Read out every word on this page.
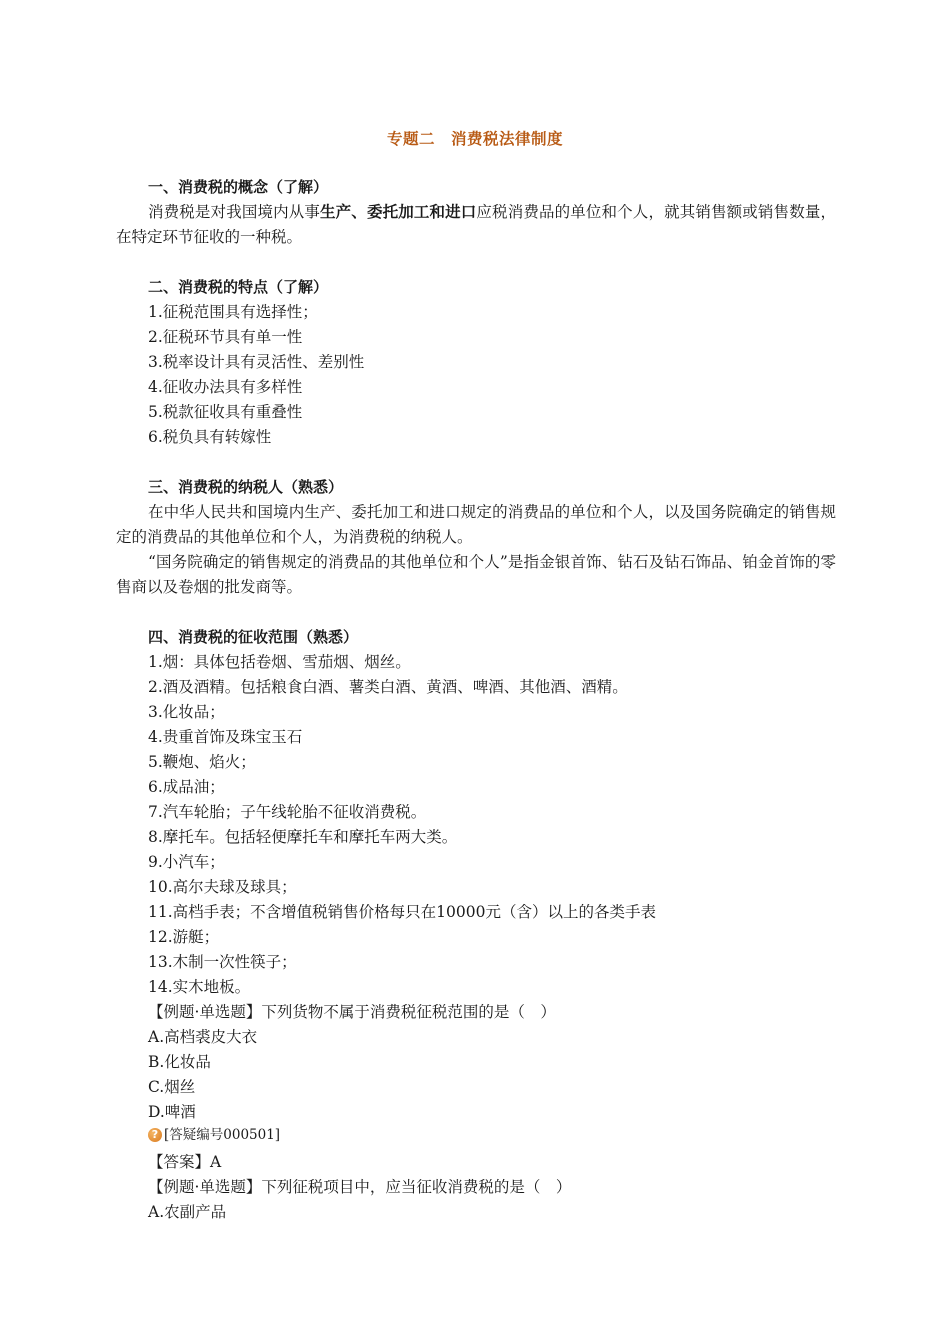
专题二　消费税法律制度
一、消费税的概念（了解）
消费税是对我国境内从事生产、委托加工和进口应税消费品的单位和个人，就其销售额或销售数量，在特定环节征收的一种税。
二、消费税的特点（了解）
1.征税范围具有选择性；
2.征税环节具有单一性
3.税率设计具有灵活性、差别性
4.征收办法具有多样性
5.税款征收具有重叠性
6.税负具有转嫁性
三、消费税的纳税人（熟悉）
在中华人民共和国境内生产、委托加工和进口规定的消费品的单位和个人，以及国务院确定的销售规定的消费品的其他单位和个人，为消费税的纳税人。
“国务院确定的销售规定的消费品的其他单位和个人”是指金银首饰、钻石及钻石饰品、铂金首饰的零售商以及卷烟的批发商等。
四、消费税的征收范围（熟悉）
1.烟：具体包括卷烟、雪茄烟、烟丝。
2.酒及酒精。包括粮食白酒、薯类白酒、黄酒、啤酒、其他酒、酒精。
3.化妆品；
4.贵重首饰及珠宝玉石
5.鞭炮、焰火；
6.成品油；
7.汽车轮胎；子午线轮胎不征收消费税。
8.摩托车。包括轻便摩托车和摩托车两大类。
9.小汽车；
10.高尔夫球及球具；
11.高档手表；不含增值税销售价格每只在10000元（含）以上的各类手表
12.游艇；
13.木制一次性筷子；
14.实木地板。
【例题·单选题】下列货物不属于消费税征税范围的是（　）
A.高档裘皮大衣
B.化妆品
C.烟丝
D.啤酒
? [答疑编号000501]
【答案】A
【例题·单选题】下列征税项目中，应当征收消费税的是（　）
A.农副产品
